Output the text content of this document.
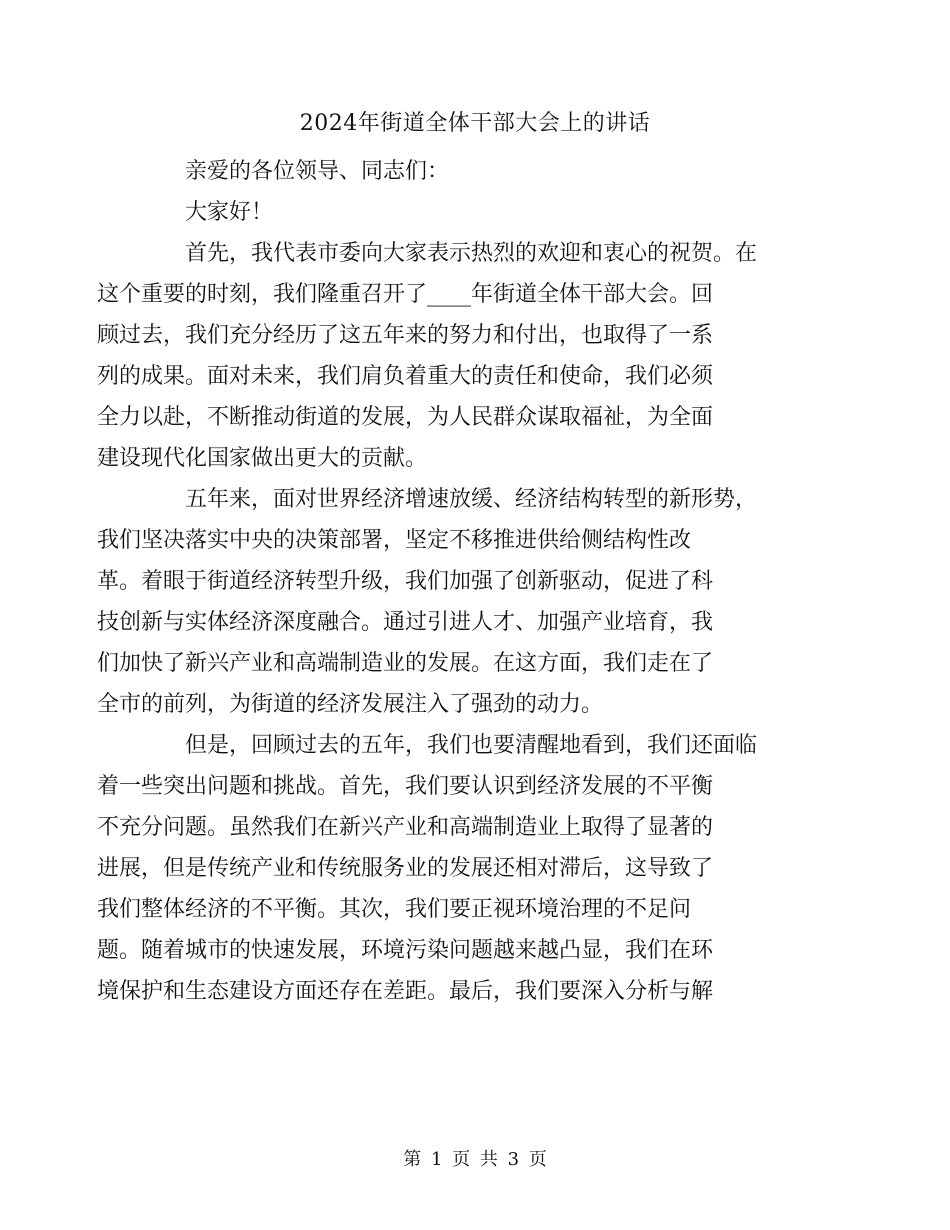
2024年街道全体干部大会上的讲话

亲爱的各位领导、同志们：

大家好！

首先，我代表市委向大家表示热烈的欢迎和衷心的祝贺。在
这个重要的时刻，我们隆重召开了____年街道全体干部大会。回
顾过去，我们充分经历了这五年来的努力和付出，也取得了一系
列的成果。面对未来，我们肩负着重大的责任和使命，我们必须
全力以赴，不断推动街道的发展，为人民群众谋取福祉，为全面
建设现代化国家做出更大的贡献。

五年来，面对世界经济增速放缓、经济结构转型的新形势，
我们坚决落实中央的决策部署，坚定不移推进供给侧结构性改
革。着眼于街道经济转型升级，我们加强了创新驱动，促进了科
技创新与实体经济深度融合。通过引进人才、加强产业培育，我
们加快了新兴产业和高端制造业的发展。在这方面，我们走在了
全市的前列，为街道的经济发展注入了强劲的动力。

但是，回顾过去的五年，我们也要清醒地看到，我们还面临
着一些突出问题和挑战。首先，我们要认识到经济发展的不平衡
不充分问题。虽然我们在新兴产业和高端制造业上取得了显著的
进展，但是传统产业和传统服务业的发展还相对滞后，这导致了
我们整体经济的不平衡。其次，我们要正视环境治理的不足问
题。随着城市的快速发展，环境污染问题越来越凸显，我们在环
境保护和生态建设方面还存在差距。最后，我们要深入分析与解

第 1 页 共 3 页
